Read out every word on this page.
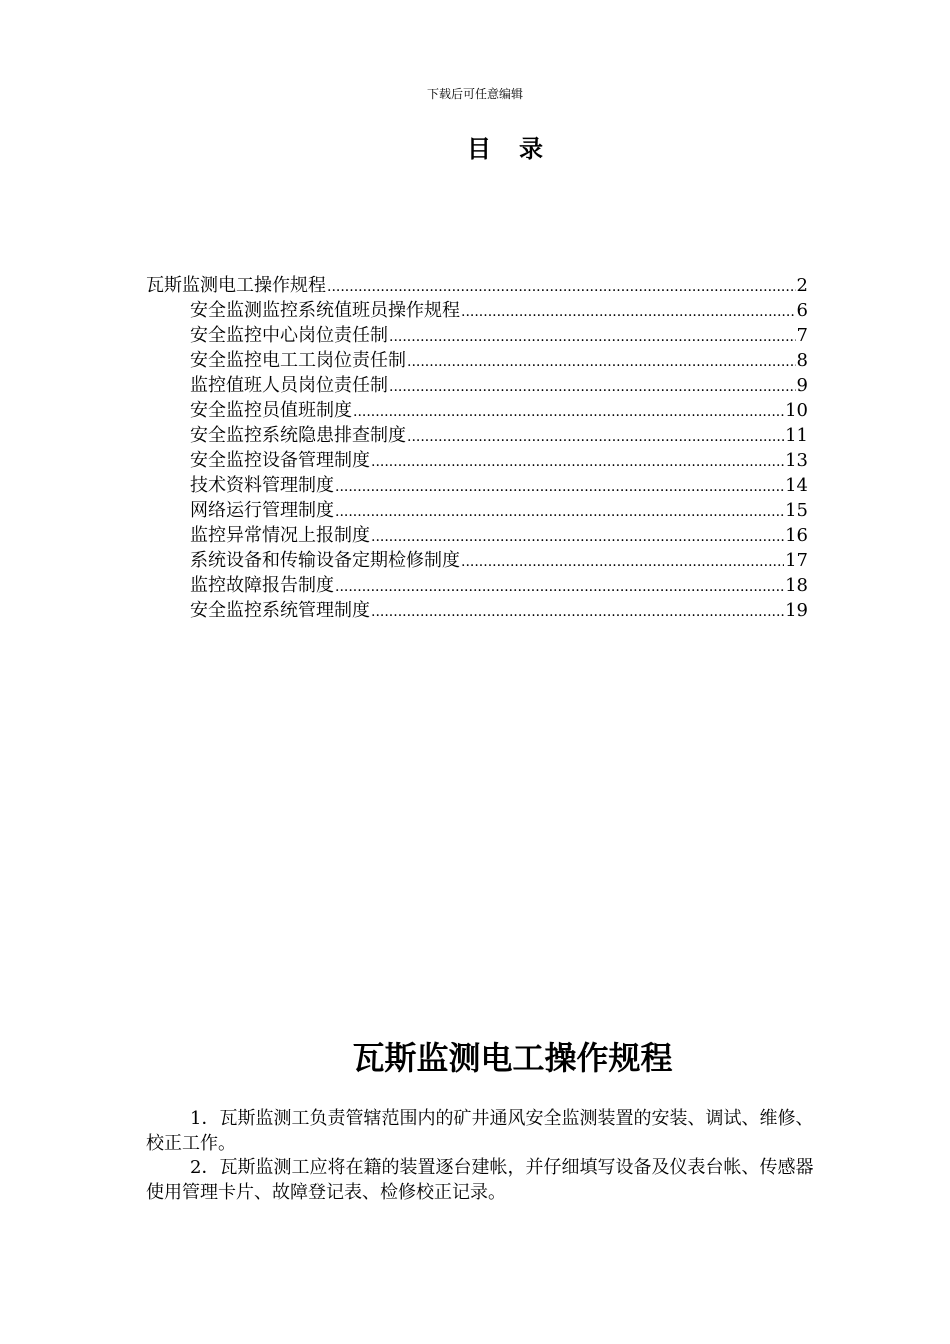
下载后可任意编辑
目 录
瓦斯监测电工操作规程 .....	2
安全监测监控系统值班员操作规程 .....	6
安全监控中心岗位责任制 .....	7
安全监控电工工岗位责任制 .....	8
监控值班人员岗位责任制 .....	9
安全监控员值班制度 .....	10
安全监控系统隐患排查制度 .....	11
安全监控设备管理制度 .....	13
技术资料管理制度 .....	14
网络运行管理制度 .....	15
监控异常情况上报制度 .....	16
系统设备和传输设备定期检修制度 .....	17
监控故障报告制度 .....	18
安全监控系统管理制度 .....	19
瓦斯监测电工操作规程

1．瓦斯监测工负责管辖范围内的矿井通风安全监测装置的安装、调试、维修、校正工作。

2．瓦斯监测工应将在籍的装置逐台建帐，并仔细填写设备及仪表台帐、传感器使用管理卡片、故障登记表、检修校正记录。
